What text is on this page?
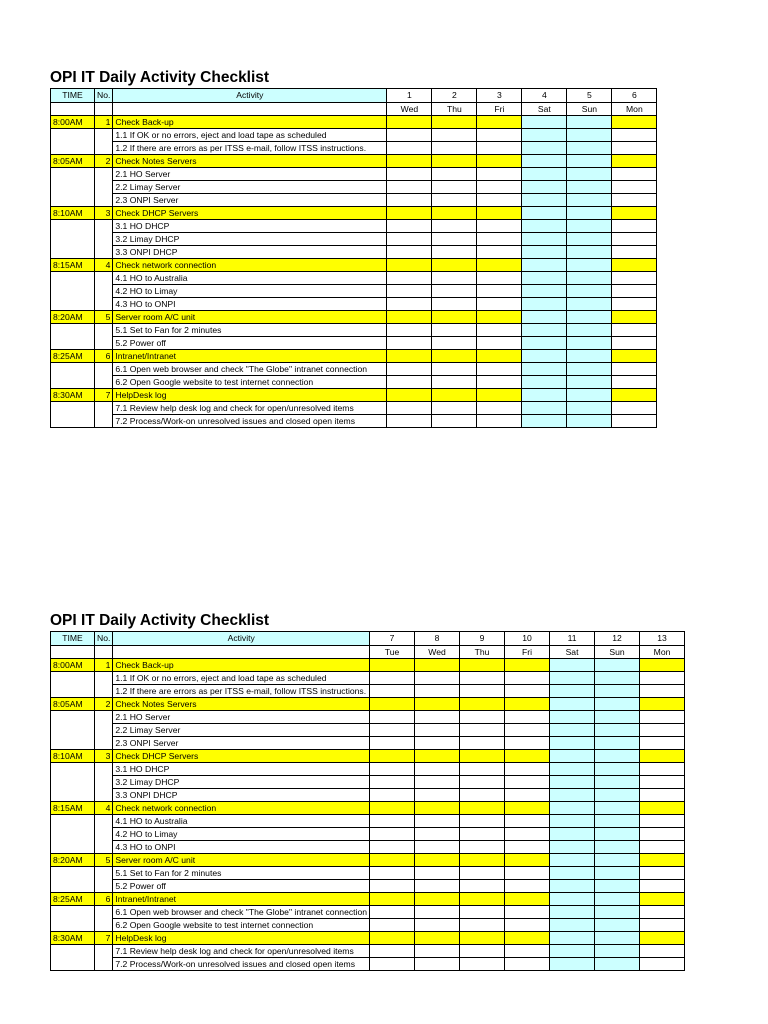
OPI IT Daily Activity Checklist
TIME	No.	Activity	1	2	3	4	5	6
			Wed	Thu	Fri	Sat	Sun	Mon
8:00AM	1	Check Back-up						
		1.1 If OK or no errors, eject and load tape as scheduled						
		1.2 If there are errors as per ITSS e-mail, follow ITSS instructions.						
8:05AM	2	Check Notes Servers						
		2.1 HO Server						
		2.2 Limay Server						
		2.3 ONPI Server						
8:10AM	3	Check DHCP Servers						
		3.1 HO DHCP						
		3.2 Limay DHCP						
		3.3 ONPI DHCP						
8:15AM	4	Check network connection						
		4.1 HO to Australia						
		4.2 HO to Limay						
		4.3 HO to ONPI						
8:20AM	5	Server room A/C unit						
		5.1 Set to Fan for 2 minutes						
		5.2 Power off						
8:25AM	6	Intranet/Intranet						
		6.1 Open web browser and check "The Globe" intranet connection						
		6.2 Open Google website to test internet connection						
8:30AM	7	HelpDesk log						
		7.1 Review help desk log and check for open/unresolved items						
		7.2 Process/Work-on unresolved issues and closed open items						
OPI IT Daily Activity Checklist
TIME	No.	Activity	7	8	9	10	11	12	13
			Tue	Wed	Thu	Fri	Sat	Sun	Mon
8:00AM	1	Check Back-up							
		1.1 If OK or no errors, eject and load tape as scheduled							
		1.2 If there are errors as per ITSS e-mail, follow ITSS instructions.							
8:05AM	2	Check Notes Servers							
		2.1 HO Server							
		2.2 Limay Server							
		2.3 ONPI Server							
8:10AM	3	Check DHCP Servers							
		3.1 HO DHCP							
		3.2 Limay DHCP							
		3.3 ONPI DHCP							
8:15AM	4	Check network connection							
		4.1 HO to Australia							
		4.2 HO to Limay							
		4.3 HO to ONPI							
8:20AM	5	Server room A/C unit							
		5.1 Set to Fan for 2 minutes							
		5.2 Power off							
8:25AM	6	Intranet/Intranet							
		6.1 Open web browser and check "The Globe" intranet connection							
		6.2 Open Google website to test internet connection							
8:30AM	7	HelpDesk log							
		7.1 Review help desk log and check for open/unresolved items							
		7.2 Process/Work-on unresolved issues and closed open items							
